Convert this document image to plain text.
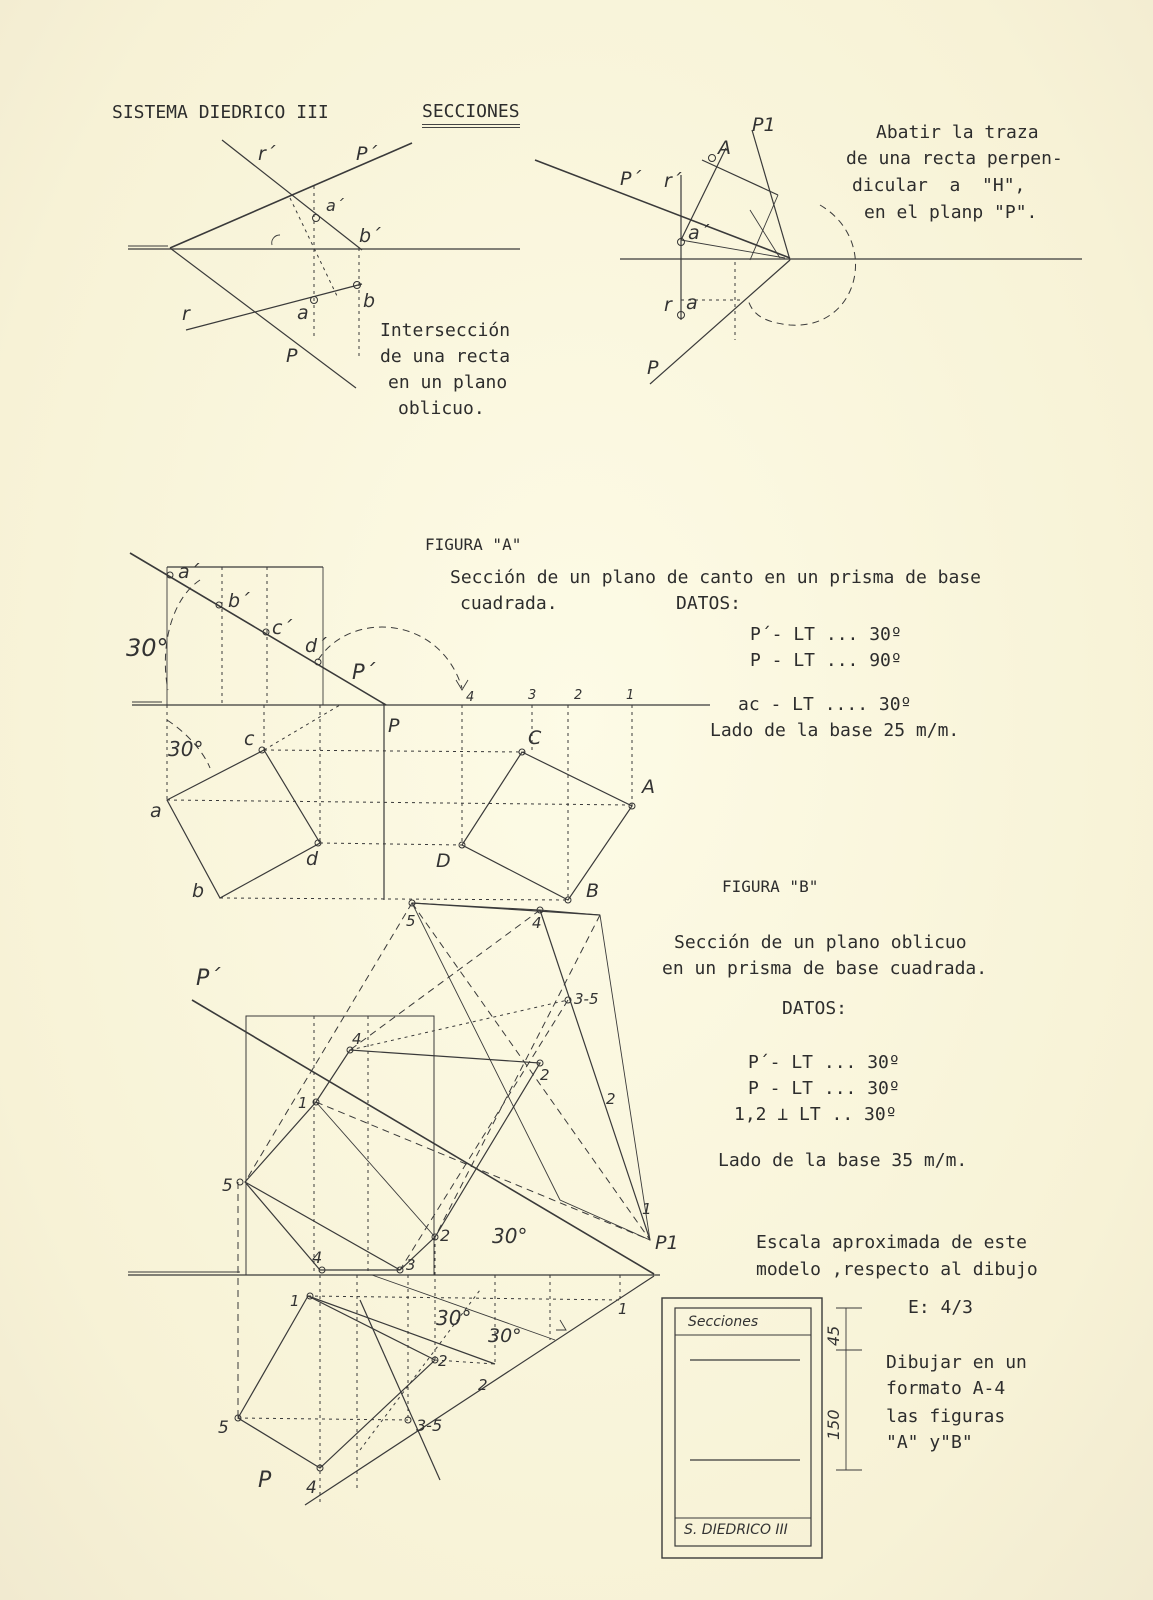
SISTEMA DIEDRICO III	SECCIONES

r´	P´
a´
b´
a
b
r
P

Intersección

de una recta

en un plano

oblicuo.

P1
A
P´ r´
a´
r a
P

Abatir la traza

de una recta perpen-

dicular  a  "H",

en el planp "P".

FIGURA "A"

Sección de un plano de canto en un prisma de base

cuadrada.	DATOS:

P´- LT ... 30º

P - LT ... 90º

ac - LT .... 30º

Lado de la base 25 m/m.

30°
30°
a´
b´
c´
d´
P´
P
4	3	2	1
c
a
d
b
C
A
D
B	FIGURA "B"

Sección de un plano oblicuo

en un prisma de base cuadrada.

DATOS:

P´- LT ... 30º

P - LT ... 30º

1,2 ⊥ LT .. 30º

Lado de la base 35 m/m.

Escala aproximada de este

modelo ,respecto al dibujo

E: 4/3

Dibujar en un

formato A-4

las figuras

"A" y"B"

P´
P1
P
5	4
3-5
4
2
1	2
5
2
1
3
4
30°
1
30°
30°
2
2
1
5	3-5
4
Secciones
S. DIEDRICO III
45
150
